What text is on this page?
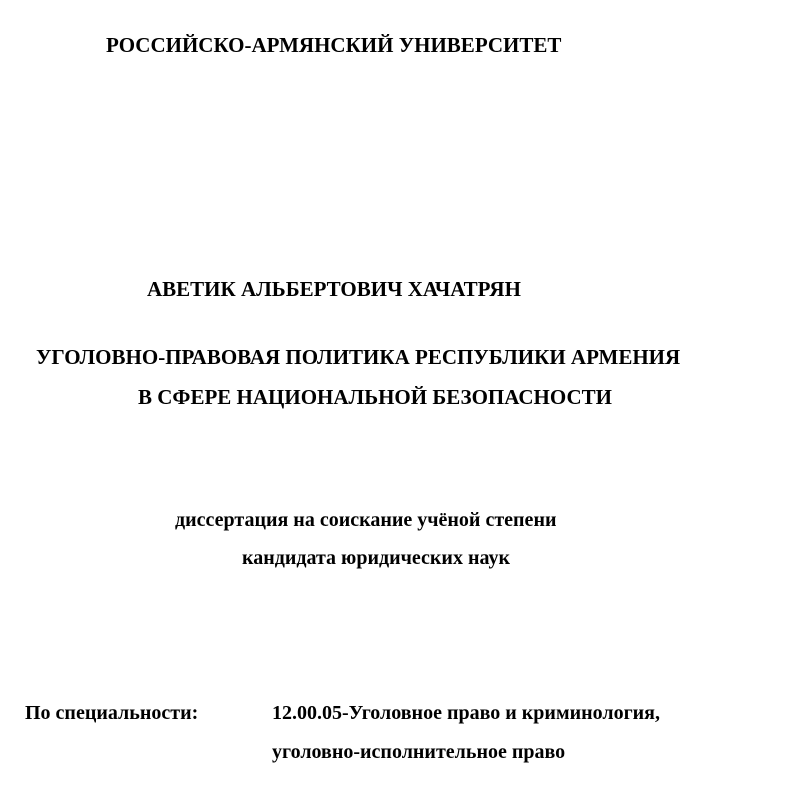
РОССИЙСКО-АРМЯНСКИЙ УНИВЕРСИТЕТ
АВЕТИК АЛЬБЕРТОВИЧ ХАЧАТРЯН
УГОЛОВНО-ПРАВОВАЯ ПОЛИТИКА РЕСПУБЛИКИ АРМЕНИЯ
В СФЕРЕ НАЦИОНАЛЬНОЙ БЕЗОПАСНОСТИ
диссертация на соискание учёной степени
кандидата юридических наук
По специальности:	12.00.05-Уголовное право и криминология,
уголовно-исполнительное право
